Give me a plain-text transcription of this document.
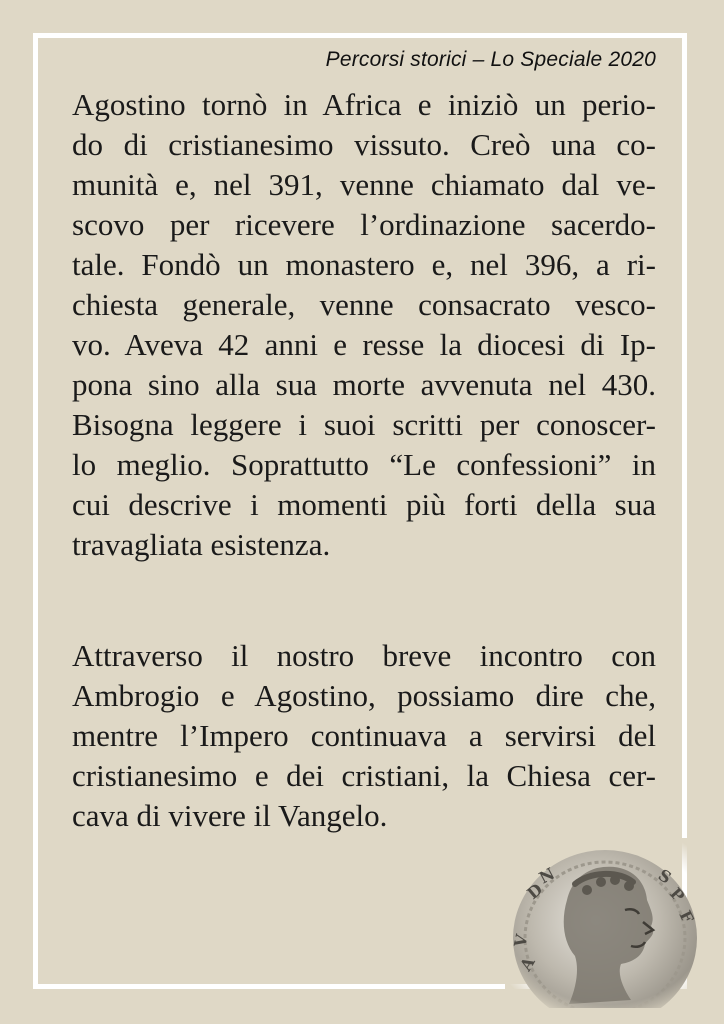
Percorsi storici – Lo Speciale 2020
Agostino tornò in Africa e iniziò un perio-
do di cristianesimo vissuto. Creò una co-
munità e, nel 391, venne chiamato dal ve-
scovo per ricevere l’ordinazione sacerdo-
tale. Fondò un monastero e, nel 396, a ri-
chiesta generale, venne consacrato vesco-
vo. Aveva 42 anni e resse la diocesi di Ip-
pona sino alla sua morte avvenuta nel 430.
Bisogna leggere i suoi scritti per conoscer-
lo meglio. Soprattutto “Le confessioni” in
cui descrive i momenti più forti della sua
travagliata esistenza.
Attraverso il nostro breve incontro con
Ambrogio e Agostino, possiamo dire che,
mentre l’Impero continuava a servirsi del
cristianesimo e dei cristiani, la Chiesa cer-
cava di vivere il Vangelo.
